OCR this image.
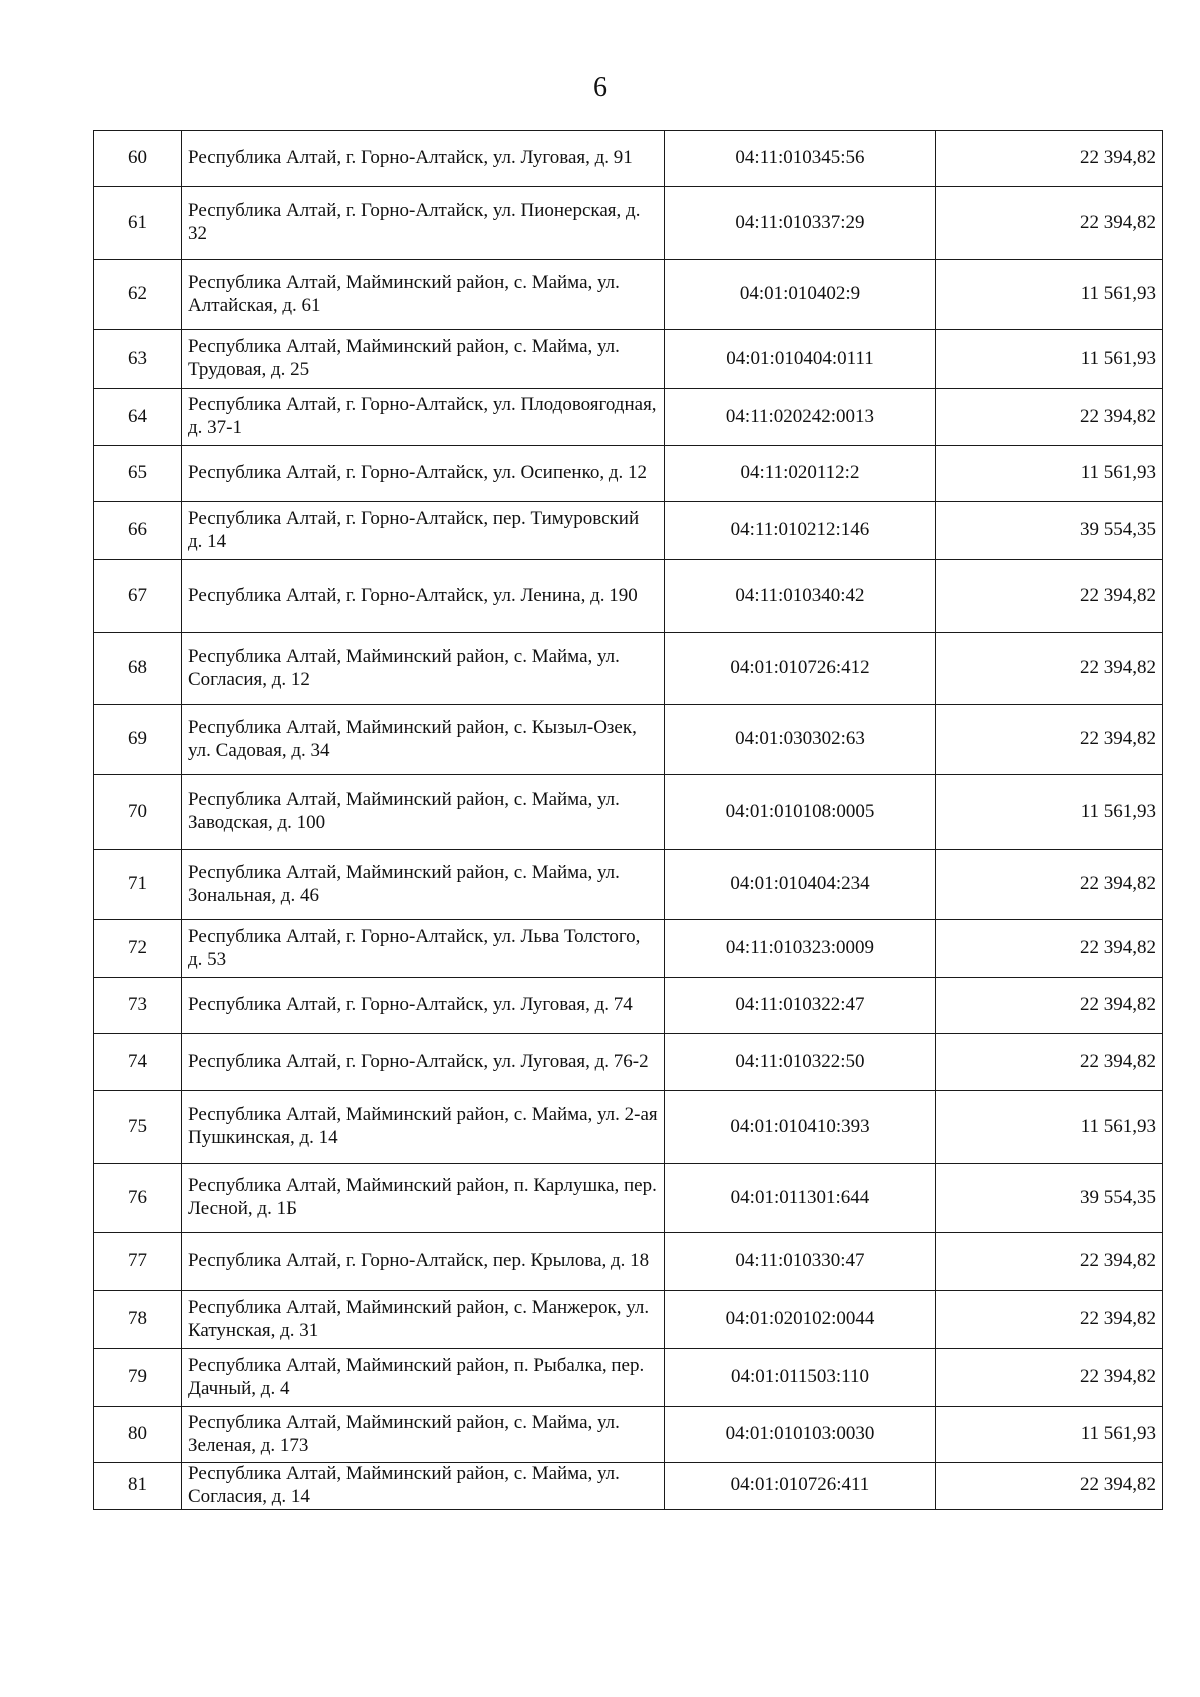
6
60	Республика Алтай, г. Горно-Алтайск, ул. Луговая, д. 91	04:11:010345:56	22 394,82
61	Республика Алтай, г. Горно-Алтайск, ул. Пионерская, д. 32	04:11:010337:29	22 394,82
62	Республика Алтай, Майминский район, с. Майма, ул. Алтайская, д. 61	04:01:010402:9	11 561,93
63	Республика Алтай, Майминский район, с. Майма, ул. Трудовая, д. 25	04:01:010404:0111	11 561,93
64	Республика Алтай, г. Горно-Алтайск, ул. Плодовоягодная, д. 37-1	04:11:020242:0013	22 394,82
65	Республика Алтай, г. Горно-Алтайск, ул. Осипенко, д. 12	04:11:020112:2	11 561,93
66	Республика Алтай, г. Горно-Алтайск, пер. Тимуровский д. 14	04:11:010212:146	39 554,35
67	Республика Алтай, г. Горно-Алтайск, ул. Ленина, д. 190	04:11:010340:42	22 394,82
68	Республика Алтай, Майминский район, с. Майма, ул. Согласия, д. 12	04:01:010726:412	22 394,82
69	Республика Алтай, Майминский район, с. Кызыл-Озек, ул. Садовая, д. 34	04:01:030302:63	22 394,82
70	Республика Алтай, Майминский район, с. Майма, ул. Заводская, д. 100	04:01:010108:0005	11 561,93
71	Республика Алтай, Майминский район, с. Майма, ул. Зональная, д. 46	04:01:010404:234	22 394,82
72	Республика Алтай, г. Горно-Алтайск, ул. Льва Толстого, д. 53	04:11:010323:0009	22 394,82
73	Республика Алтай, г. Горно-Алтайск, ул. Луговая, д. 74	04:11:010322:47	22 394,82
74	Республика Алтай, г. Горно-Алтайск, ул. Луговая, д. 76-2	04:11:010322:50	22 394,82
75	Республика Алтай, Майминский район, с. Майма, ул. 2-ая Пушкинская, д. 14	04:01:010410:393	11 561,93
76	Республика Алтай, Майминский район, п. Карлушка, пер. Лесной, д. 1Б	04:01:011301:644	39 554,35
77	Республика Алтай, г. Горно-Алтайск, пер. Крылова, д. 18	04:11:010330:47	22 394,82
78	Республика Алтай, Майминский район, с. Манжерок, ул. Катунская, д. 31	04:01:020102:0044	22 394,82
79	Республика Алтай, Майминский район, п. Рыбалка, пер. Дачный, д. 4	04:01:011503:110	22 394,82
80	Республика Алтай, Майминский район, с. Майма, ул. Зеленая, д. 173	04:01:010103:0030	11 561,93
81	Республика Алтай, Майминский район, с. Майма, ул. Согласия, д. 14	04:01:010726:411	22 394,82
